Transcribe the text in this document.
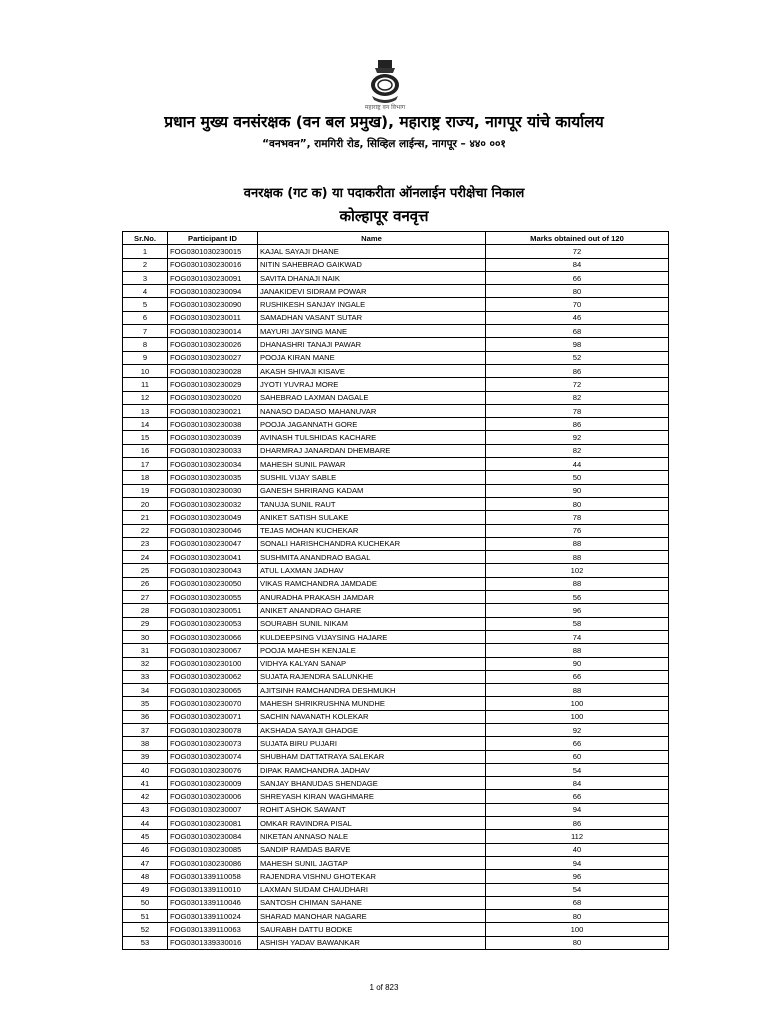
महाराष्ट्र वन विभाग
प्रधान मुख्य वनसंरक्षक (वन बल प्रमुख), महाराष्ट्र राज्य, नागपूर यांचे कार्यालय
“वनभवन”, रामगिरी रोड, सिव्हिल लाईन्स, नागपूर – ४४० ००१
वनरक्षक (गट क) या पदाकरीता ऑनलाईन परीक्षेचा निकाल
कोल्हापूर वनवृत्त
Sr.No.	Participant ID	Name	Marks obtained out of 120
1	FOG0301030230015	KAJAL SAYAJI DHANE	72
2	FOG0301030230016	NITIN SAHEBRAO GAIKWAD	84
3	FOG0301030230091	SAVITA DHANAJI NAIK	66
4	FOG0301030230094	JANAKIDEVI SIDRAM POWAR	80
5	FOG0301030230090	RUSHIKESH SANJAY INGALE	70
6	FOG0301030230011	SAMADHAN VASANT SUTAR	46
7	FOG0301030230014	MAYURI JAYSING MANE	68
8	FOG0301030230026	DHANASHRI TANAJI PAWAR	98
9	FOG0301030230027	POOJA KIRAN MANE	52
10	FOG0301030230028	AKASH SHIVAJI KISAVE	86
11	FOG0301030230029	JYOTI YUVRAJ MORE	72
12	FOG0301030230020	SAHEBRAO LAXMAN DAGALE	82
13	FOG0301030230021	NANASO DADASO MAHANUVAR	78
14	FOG0301030230038	POOJA JAGANNATH GORE	86
15	FOG0301030230039	AVINASH TULSHIDAS KACHARE	92
16	FOG0301030230033	DHARMRAJ JANARDAN DHEMBARE	82
17	FOG0301030230034	MAHESH SUNIL PAWAR	44
18	FOG0301030230035	SUSHIL VIJAY SABLE	50
19	FOG0301030230030	GANESH SHRIRANG KADAM	90
20	FOG0301030230032	TANUJA SUNIL RAUT	80
21	FOG0301030230049	ANIKET SATISH SULAKE	78
22	FOG0301030230046	TEJAS MOHAN KUCHEKAR	76
23	FOG0301030230047	SONALI HARISHCHANDRA KUCHEKAR	88
24	FOG0301030230041	SUSHMITA ANANDRAO BAGAL	88
25	FOG0301030230043	ATUL LAXMAN JADHAV	102
26	FOG0301030230050	VIKAS RAMCHANDRA JAMDADE	88
27	FOG0301030230055	ANURADHA PRAKASH JAMDAR	56
28	FOG0301030230051	ANIKET ANANDRAO GHARE	96
29	FOG0301030230053	SOURABH SUNIL NIKAM	58
30	FOG0301030230066	KULDEEPSING VIJAYSING HAJARE	74
31	FOG0301030230067	POOJA MAHESH KENJALE	88
32	FOG0301030230100	VIDHYA KALYAN SANAP	90
33	FOG0301030230062	SUJATA RAJENDRA SALUNKHE	66
34	FOG0301030230065	AJITSINH RAMCHANDRA DESHMUKH	88
35	FOG0301030230070	MAHESH SHRIKRUSHNA MUNDHE	100
36	FOG0301030230071	SACHIN NAVANATH KOLEKAR	100
37	FOG0301030230078	AKSHADA SAYAJI GHADGE	92
38	FOG0301030230073	SUJATA BIRU PUJARI	66
39	FOG0301030230074	SHUBHAM DATTATRAYA SALEKAR	60
40	FOG0301030230076	DIPAK RAMCHANDRA JADHAV	54
41	FOG0301030230009	SANJAY BHANUDAS SHENDAGE	84
42	FOG0301030230006	SHREYASH KIRAN WAGHMARE	66
43	FOG0301030230007	ROHIT ASHOK SAWANT	94
44	FOG0301030230081	OMKAR RAVINDRA PISAL	86
45	FOG0301030230084	NIKETAN ANNASO NALE	112
46	FOG0301030230085	SANDIP RAMDAS BARVE	40
47	FOG0301030230086	MAHESH SUNIL JAGTAP	94
48	FOG0301339110058	RAJENDRA VISHNU GHOTEKAR	96
49	FOG0301339110010	LAXMAN SUDAM CHAUDHARI	54
50	FOG0301339110046	SANTOSH CHIMAN SAHANE	68
51	FOG0301339110024	SHARAD MANOHAR NAGARE	80
52	FOG0301339110063	SAURABH DATTU BODKE	100
53	FOG0301339330016	ASHISH YADAV BAWANKAR	80
1 of 823
